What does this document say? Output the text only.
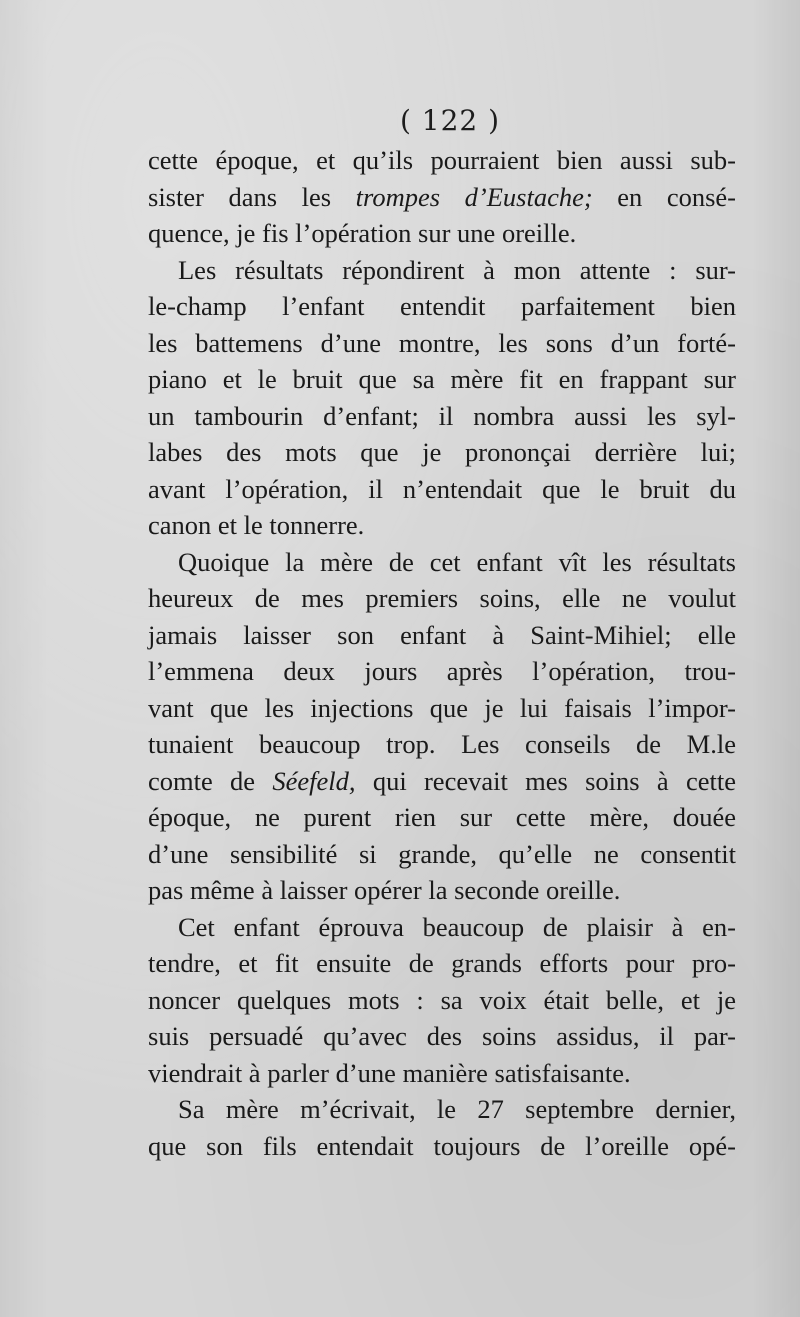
( 122 )
cette époque, et qu’ils pourraient bien aussi sub-
sister dans les trompes d’Eustache; en consé-
quence, je fis l’opération sur une oreille.
Les résultats répondirent à mon attente : sur-
le-champ l’enfant entendit parfaitement bien
les battemens d’une montre, les sons d’un forté-
piano et le bruit que sa mère fit en frappant sur
un tambourin d’enfant; il nombra aussi les syl-
labes des mots que je prononçai derrière lui;
avant l’opération, il n’entendait que le bruit du
canon et le tonnerre.
Quoique la mère de cet enfant vît les résultats
heureux de mes premiers soins, elle ne voulut
jamais laisser son enfant à Saint-Mihiel; elle
l’emmena deux jours après l’opération, trou-
vant que les injections que je lui faisais l’impor-
tunaient beaucoup trop. Les conseils de M.le
comte de Séefeld, qui recevait mes soins à cette
époque, ne purent rien sur cette mère, douée
d’une sensibilité si grande, qu’elle ne consentit
pas même à laisser opérer la seconde oreille.
Cet enfant éprouva beaucoup de plaisir à en-
tendre, et fit ensuite de grands efforts pour pro-
noncer quelques mots : sa voix était belle, et je
suis persuadé qu’avec des soins assidus, il par-
viendrait à parler d’une manière satisfaisante.
Sa mère m’écrivait, le 27 septembre dernier,
que son fils entendait toujours de l’oreille opé-
